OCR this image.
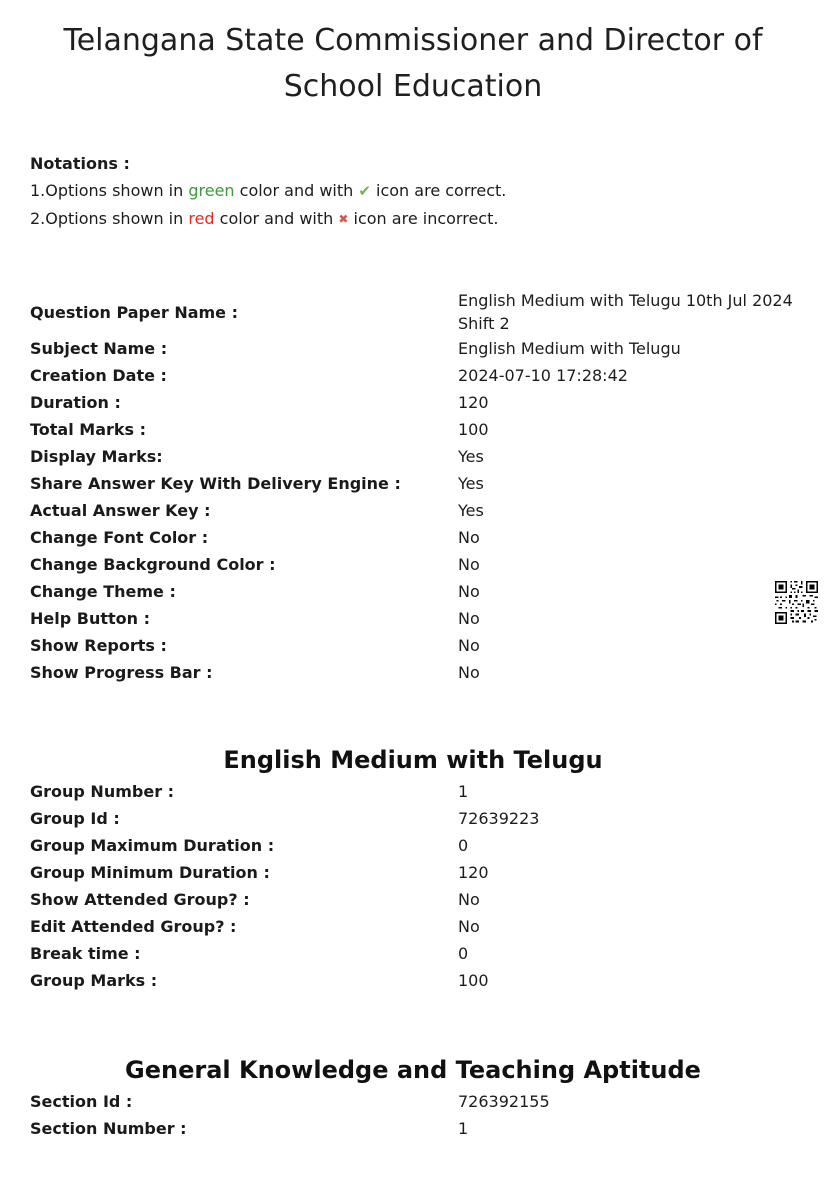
Telangana State Commissioner and Director of School Education
Notations :
1.Options shown in green color and with ✔ icon are correct.
2.Options shown in red color and with ✖ icon are incorrect.
Question Paper Name :
English Medium with Telugu 10th Jul 2024 Shift 2
Subject Name :	English Medium with Telugu
Creation Date :	2024-07-10 17:28:42
Duration :	120
Total Marks :	100
Display Marks:	Yes
Share Answer Key With Delivery Engine :	Yes
Actual Answer Key :	Yes
Change Font Color :	No
Change Background Color :	No
Change Theme :	No
Help Button :	No
Show Reports :	No
Show Progress Bar :	No
English Medium with Telugu
Group Number :	1
Group Id :	72639223
Group Maximum Duration :	0
Group Minimum Duration :	120
Show Attended Group? :	No
Edit Attended Group? :	No
Break time :	0
Group Marks :	100
General Knowledge and Teaching Aptitude
Section Id :	726392155
Section Number :	1
